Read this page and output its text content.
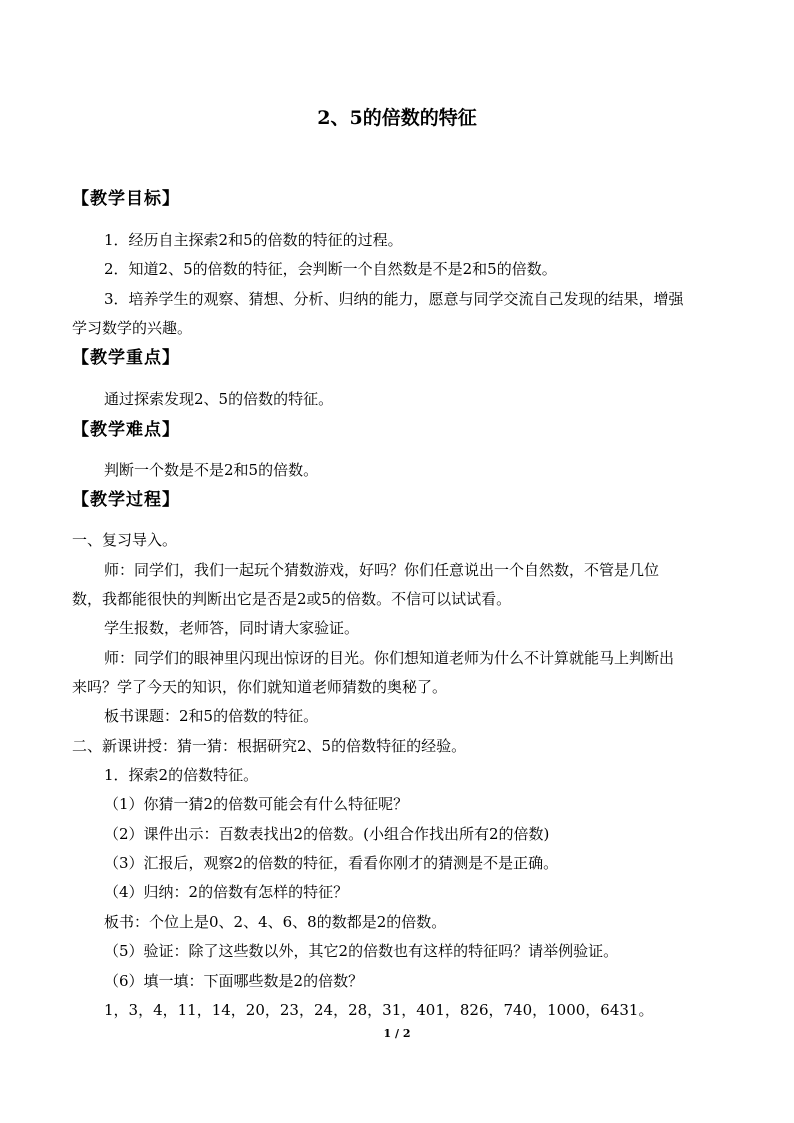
2、5的倍数的特征
【教学目标】
1．经历自主探索2和5的倍数的特征的过程。
2．知道2、5的倍数的特征，会判断一个自然数是不是2和5的倍数。
3．培养学生的观察、猜想、分析、归纳的能力，愿意与同学交流自己发现的结果，增强
学习数学的兴趣。
【教学重点】
通过探索发现2、5的倍数的特征。
【教学难点】
判断一个数是不是2和5的倍数。
【教学过程】
一、复习导入。
师：同学们，我们一起玩个猜数游戏，好吗？你们任意说出一个自然数，不管是几位
数，我都能很快的判断出它是否是2或5的倍数。不信可以试试看。
学生报数，老师答，同时请大家验证。
师：同学们的眼神里闪现出惊讶的目光。你们想知道老师为什么不计算就能马上判断出
来吗？学了今天的知识，你们就知道老师猜数的奥秘了。
板书课题：2和5的倍数的特征。
二、新课讲授：猜一猜：根据研究2、5的倍数特征的经验。
1．探索2的倍数特征。
（1）你猜一猜2的倍数可能会有什么特征呢？
（2）课件出示：百数表找出2的倍数。(小组合作找出所有2的倍数)
（3）汇报后，观察2的倍数的特征，看看你刚才的猜测是不是正确。
（4）归纳：2的倍数有怎样的特征？
板书：个位上是0、2、4、6、8的数都是2的倍数。
（5）验证：除了这些数以外，其它2的倍数也有这样的特征吗？请举例验证。
（6）填一填：下面哪些数是2的倍数？
1，3，4，11，14，20，23，24，28，31，401，826，740，1000，6431。
1 / 2
